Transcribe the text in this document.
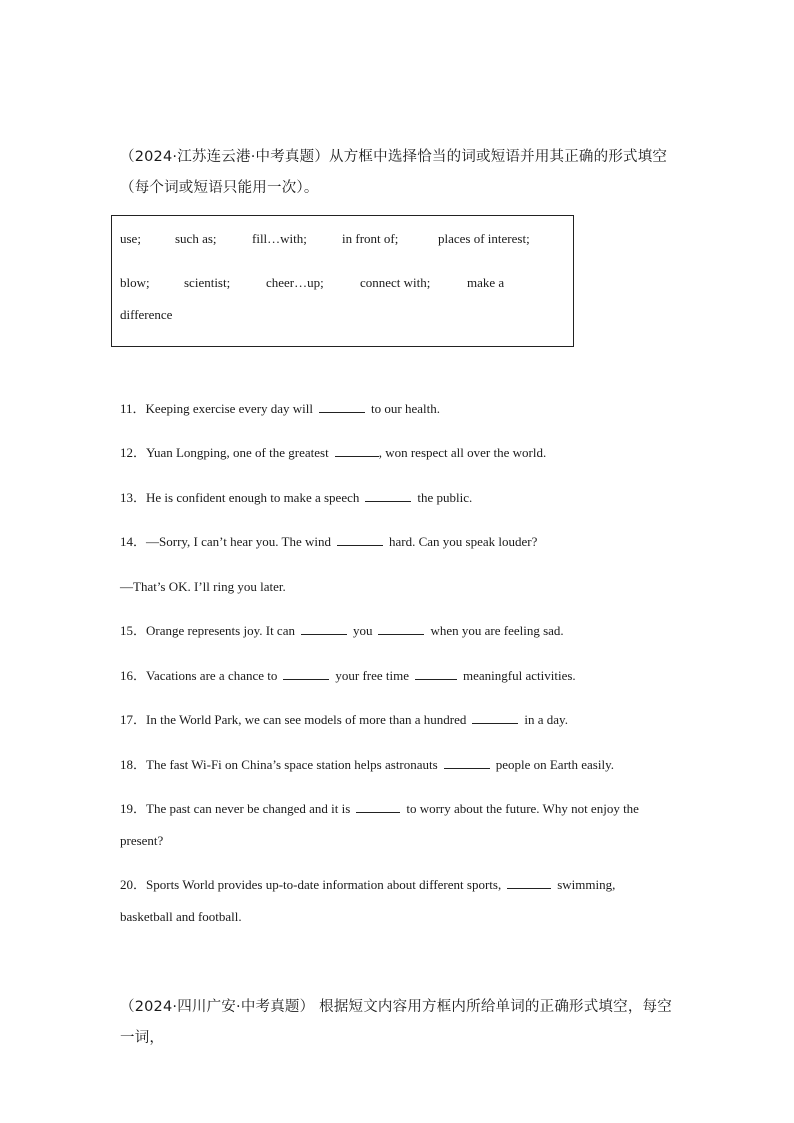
（2024·江苏连云港·中考真题）从方框中选择恰当的词或短语并用其正确的形式填空（每个词或短语只能用一次）。
use;	such as;	fill…with;	in front of;	places of interest;
blow;	scientist;	cheer…up;	connect with;	make a
difference
11．Keeping exercise every day will	to our health.
12．Yuan Longping, one of the greatest	, won respect all over the world.
13．He is confident enough to make a speech	the public.
14．—Sorry, I can’t hear you. The wind	hard. Can you speak louder?
—That’s OK. I’ll ring you later.
15．Orange represents joy. It can	you	when you are feeling sad.
16．Vacations are a chance to	your free time	meaningful activities.
17．In the World Park, we can see models of more than a hundred	in a day.
18．The fast Wi-Fi on China’s space station helps astronauts	people on Earth easily.
19．The past can never be changed and it is	to worry about the future. Why not enjoy the present?
20．Sports World provides up-to-date information about different sports,	swimming, basketball and football.
（2024·四川广安·中考真题） 根据短文内容用方框内所给单词的正确形式填空，每空一词，
